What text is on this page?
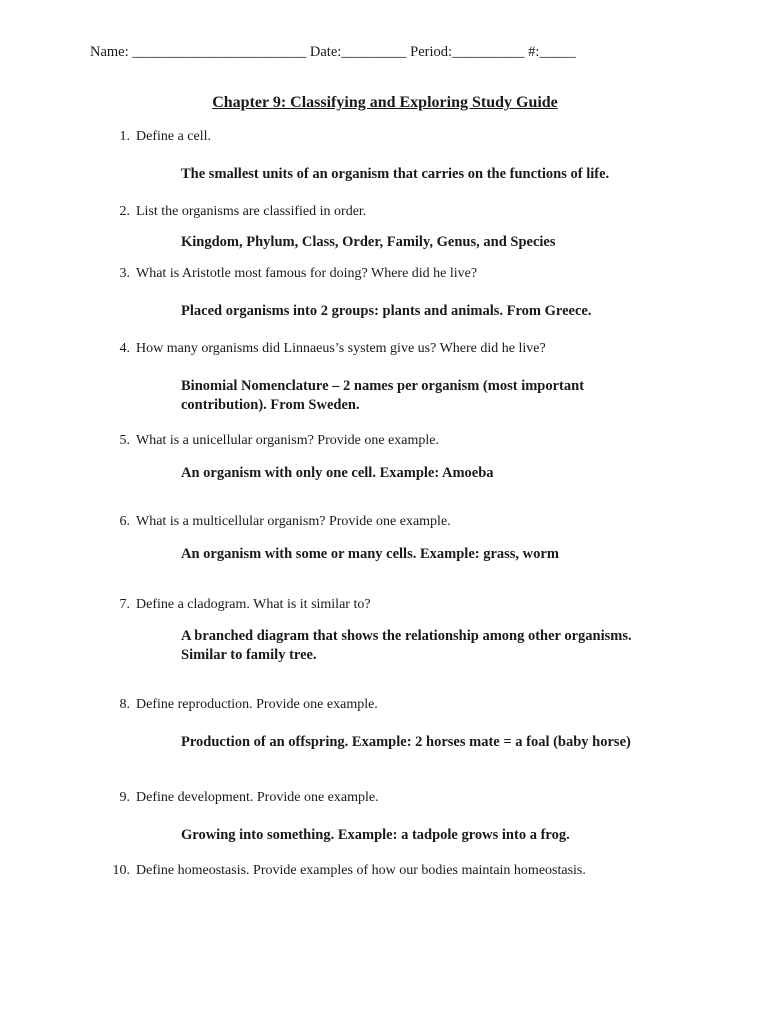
Name: ________________________ Date:_________ Period:__________ #:_____
Chapter 9: Classifying and Exploring Study Guide
1. Define a cell.
The smallest units of an organism that carries on the functions of life.
2. List the organisms are classified in order.
Kingdom, Phylum, Class, Order, Family, Genus, and Species
3. What is Aristotle most famous for doing? Where did he live?
Placed organisms into 2 groups: plants and animals. From Greece.
4. How many organisms did Linnaeus’s system give us? Where did he live?
Binomial Nomenclature – 2 names per organism (most important contribution). From Sweden.
5. What is a unicellular organism? Provide one example.
An organism with only one cell. Example: Amoeba
6. What is a multicellular organism? Provide one example.
An organism with some or many cells. Example: grass, worm
7. Define a cladogram. What is it similar to?
A branched diagram that shows the relationship among other organisms. Similar to family tree.
8. Define reproduction. Provide one example.
Production of an offspring. Example: 2 horses mate = a foal (baby horse)
9. Define development. Provide one example.
Growing into something. Example: a tadpole grows into a frog.
10. Define homeostasis. Provide examples of how our bodies maintain homeostasis.
